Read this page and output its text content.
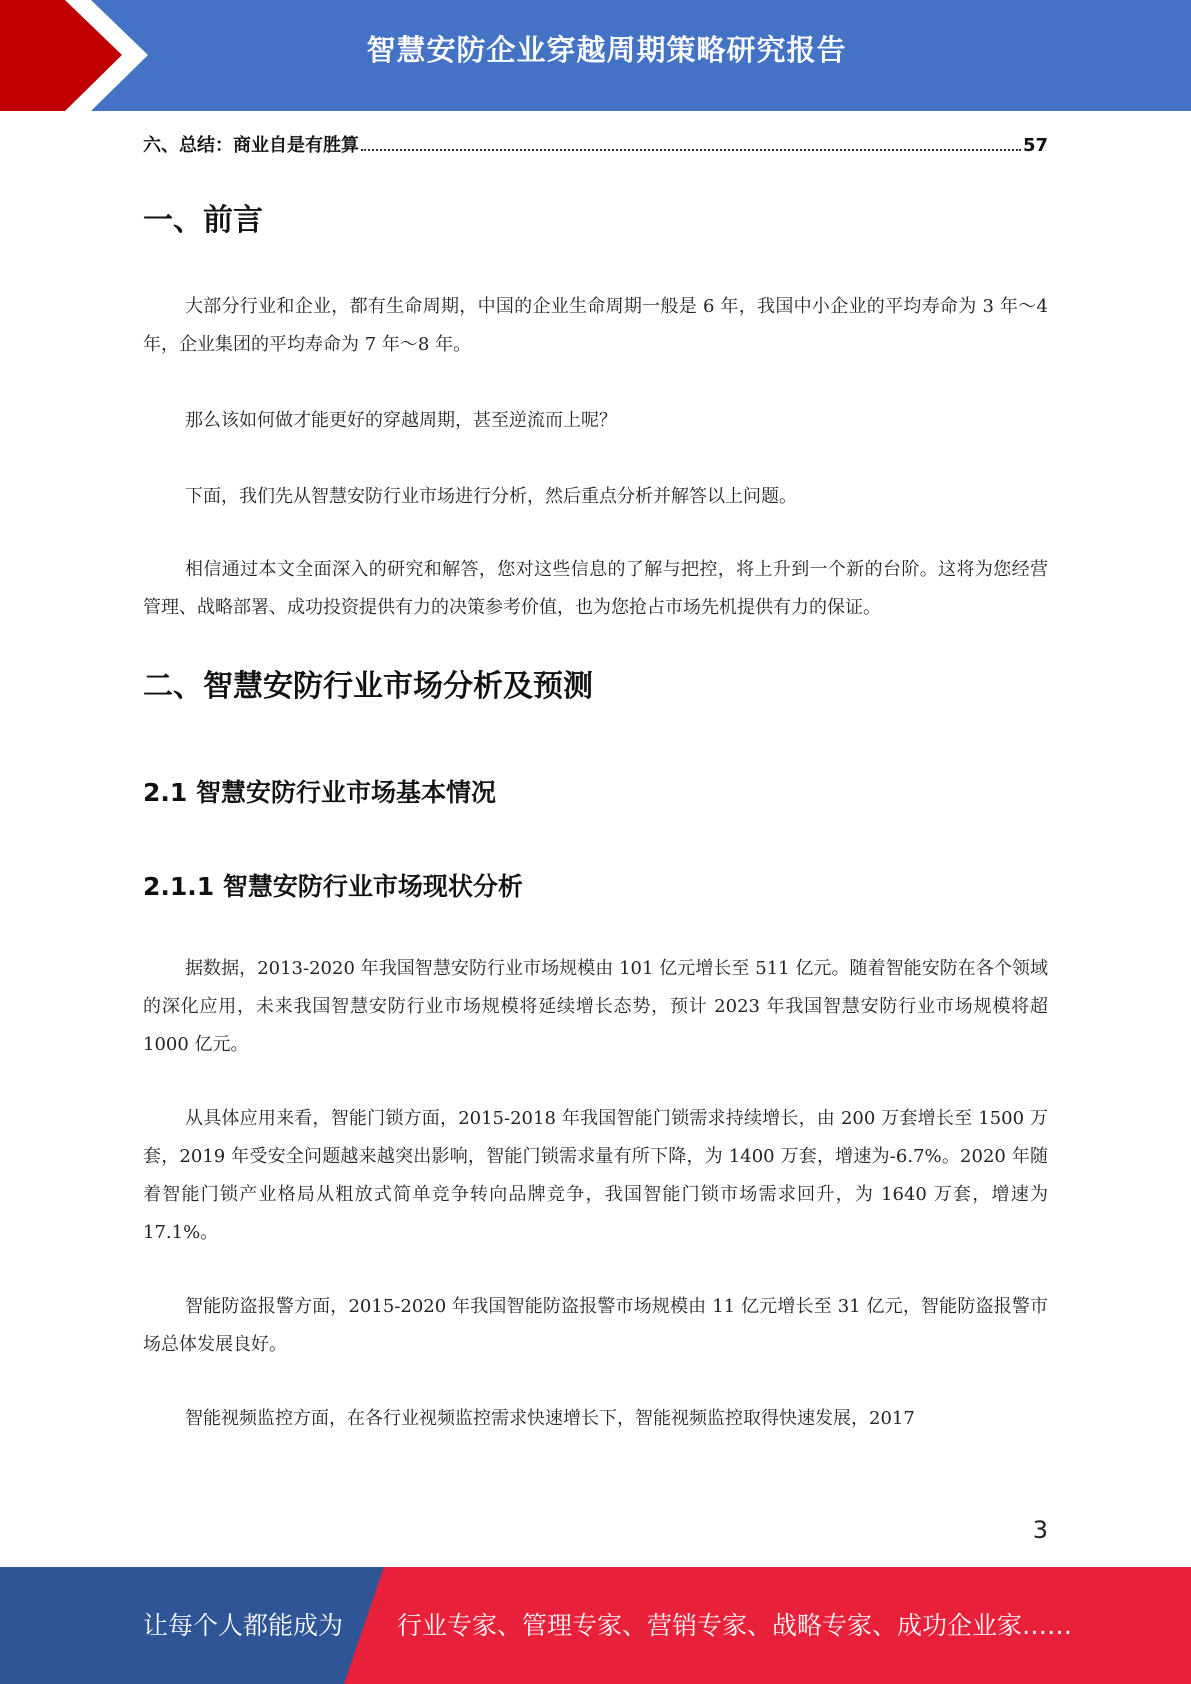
智慧安防企业穿越周期策略研究报告
六、总结：商业自是有胜算	57
一、前言

大部分行业和企业，都有生命周期，中国的企业生命周期一般是 6 年，我国中小企业的平均寿命为 3 年～4 年，企业集团的平均寿命为 7 年～8 年。

那么该如何做才能更好的穿越周期，甚至逆流而上呢？

下面，我们先从智慧安防行业市场进行分析，然后重点分析并解答以上问题。

相信通过本文全面深入的研究和解答，您对这些信息的了解与把控，将上升到一个新的台阶。这将为您经营管理、战略部署、成功投资提供有力的决策参考价值，也为您抢占市场先机提供有力的保证。

二、智慧安防行业市场分析及预测
2.1 智慧安防行业市场基本情况
2.1.1 智慧安防行业市场现状分析

据数据，2013-2020 年我国智慧安防行业市场规模由 101 亿元增长至 511 亿元。随着智能安防在各个领域的深化应用，未来我国智慧安防行业市场规模将延续增长态势，预计 2023 年我国智慧安防行业市场规模将超 1000 亿元。

从具体应用来看，智能门锁方面，2015-2018 年我国智能门锁需求持续增长，由 200 万套增长至 1500 万套，2019 年受安全问题越来越突出影响，智能门锁需求量有所下降，为 1400 万套，增速为-6.7%。2020 年随着智能门锁产业格局从粗放式简单竞争转向品牌竞争，我国智能门锁市场需求回升，为 1640 万套，增速为 17.1%。

智能防盗报警方面，2015-2020 年我国智能防盗报警市场规模由 11 亿元增长至 31 亿元，智能防盗报警市场总体发展良好。

智能视频监控方面，在各行业视频监控需求快速增长下，智能视频监控取得快速发展，2017

3
让每个人都能成为 行业专家、管理专家、营销专家、战略专家、成功企业家……
